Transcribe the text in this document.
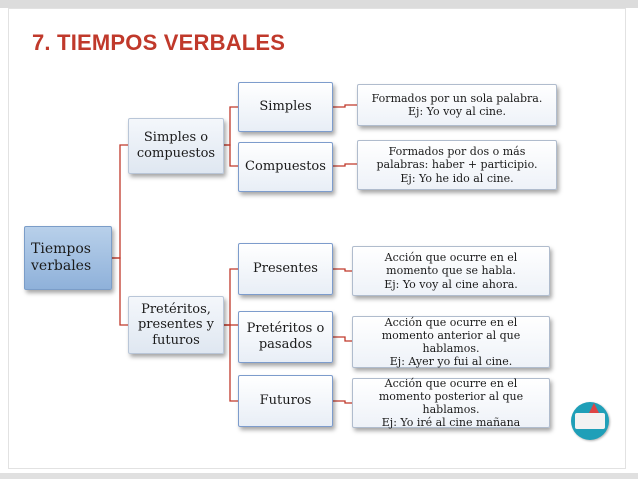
7. TIEMPOS VERBALES
Tiempos verbales
Simples o compuestos
Pretéritos, presentes y futuros
Simples
Compuestos
Presentes
Pretéritos o pasados
Futuros
Formados por un sola palabra.
Ej: Yo voy al cine.
Formados por dos o más palabras: haber + participio.
Ej: Yo he ido al cine.
Acción que ocurre en el momento que se habla.
Ej: Yo voy al cine ahora.
Acción que ocurre en el momento anterior al que hablamos.
Ej: Ayer yo fui al cine.
Acción que ocurre en el momento posterior al que hablamos.
Ej: Yo iré al cine mañana
